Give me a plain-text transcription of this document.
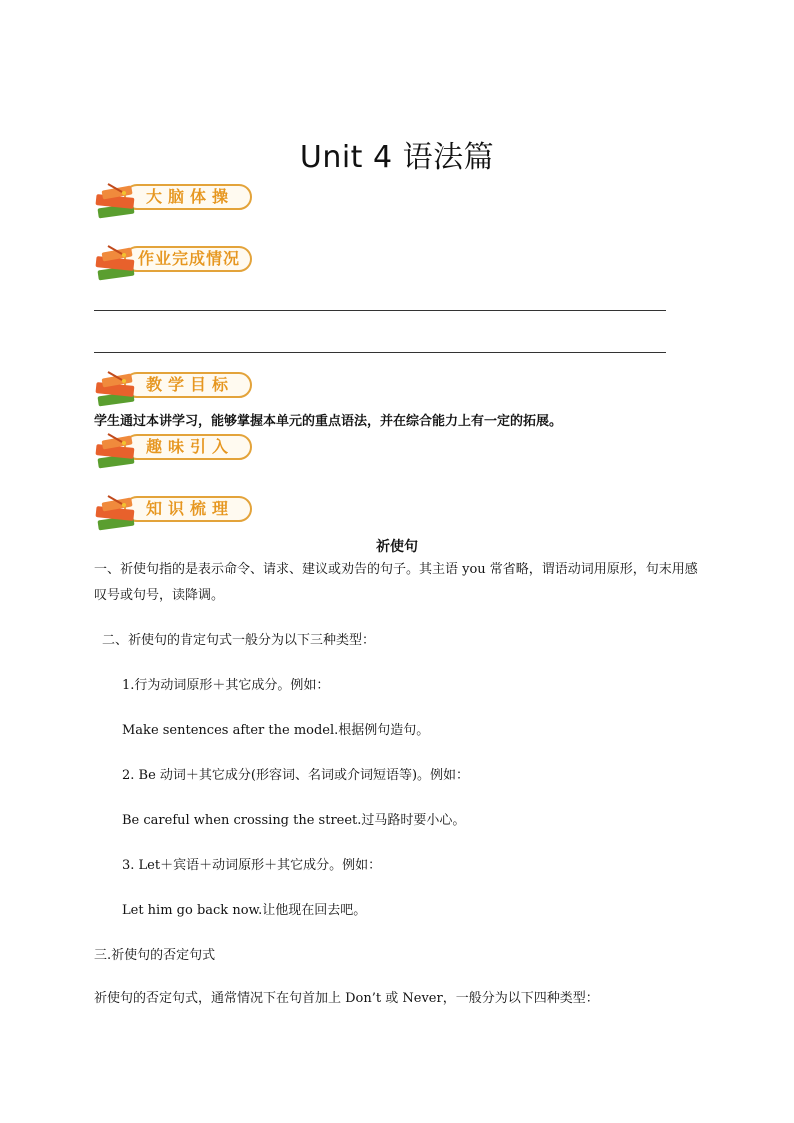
Unit 4 语法篇
大脑体操
作业完成情况
教学目标
学生通过本讲学习，能够掌握本单元的重点语法，并在综合能力上有一定的拓展。
趣味引入
知识梳理
祈使句
一、祈使句指的是表示命令、请求、建议或劝告的句子。其主语 you 常省略，谓语动词用原形，句末用感叹号或句号，读降调。
二、祈使句的肯定句式一般分为以下三种类型：
1.行为动词原形＋其它成分。例如：
Make sentences after the model.根据例句造句。
2. Be 动词＋其它成分(形容词、名词或介词短语等)。例如：
Be careful when crossing the street.过马路时要小心。
3. Let＋宾语＋动词原形＋其它成分。例如：
Let him go back now.让他现在回去吧。
三.祈使句的否定句式
祈使句的否定句式，通常情况下在句首加上 Don’t 或 Never，一般分为以下四种类型：
